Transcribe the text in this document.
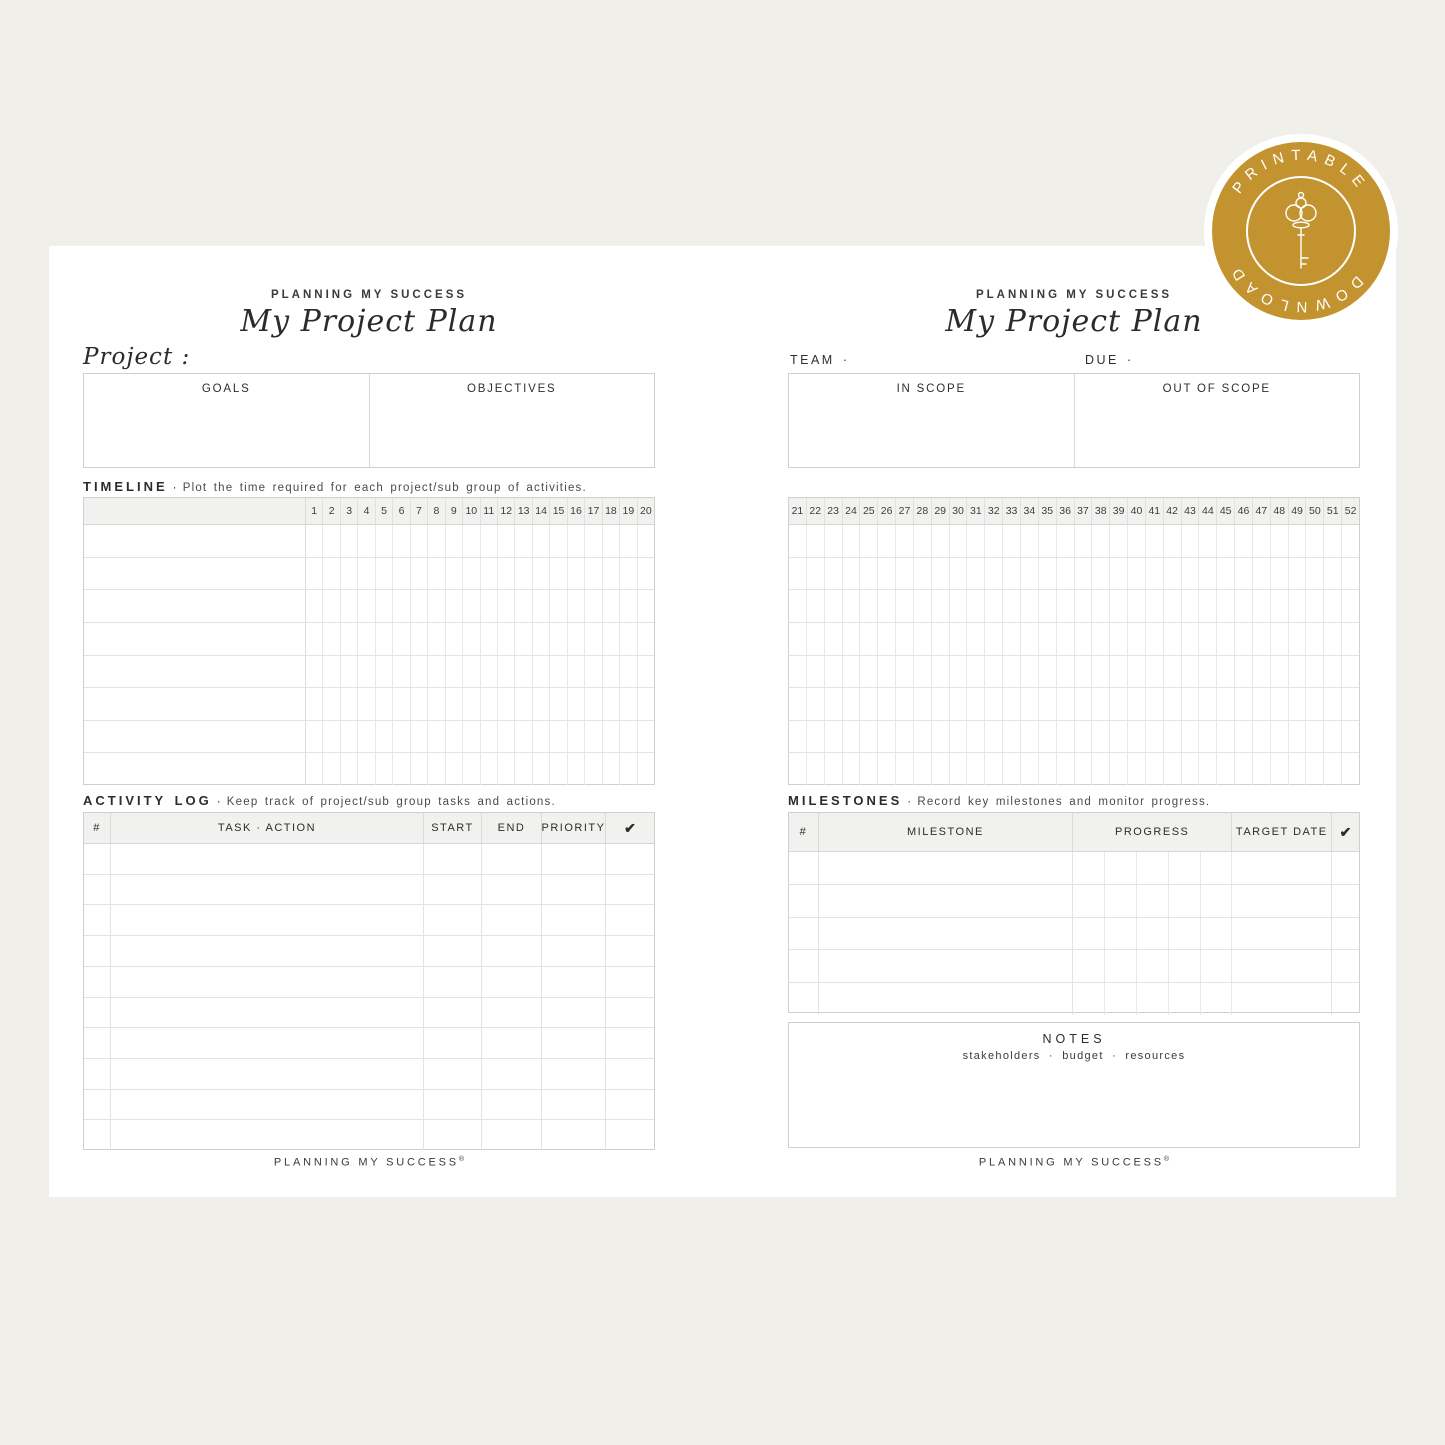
PLANNING MY SUCCESS
My Project Plan
Project :
GOALS	OBJECTIVES
TIMELINE · Plot the time required for each project/sub group of activities.
1	2	3	4	5	6	7	8	9 10 11 12 13 14 15 16 17 18 19 20
ACTIVITY LOG · Keep track of project/sub group tasks and actions.
#	TASK · ACTION	START	END	PRIORITY	✔
PLANNING MY SUCCESS®
PLANNING MY SUCCESS
My Project Plan
TEAM ·	DUE ·
IN SCOPE	OUT OF SCOPE
21 22 23 24 25 26 27 28 29 30 31 32 33 34 35 36 37 38 39 40 41 42 43 44 45 46 47 48 49 50 51 52
MILESTONES · Record key milestones and monitor progress.
#	MILESTONE	PROGRESS	TARGET DATE ✔
NOTES
stakeholders · budget · resources
PLANNING MY SUCCESS®
PRINTABLE
DOWNLOAD
